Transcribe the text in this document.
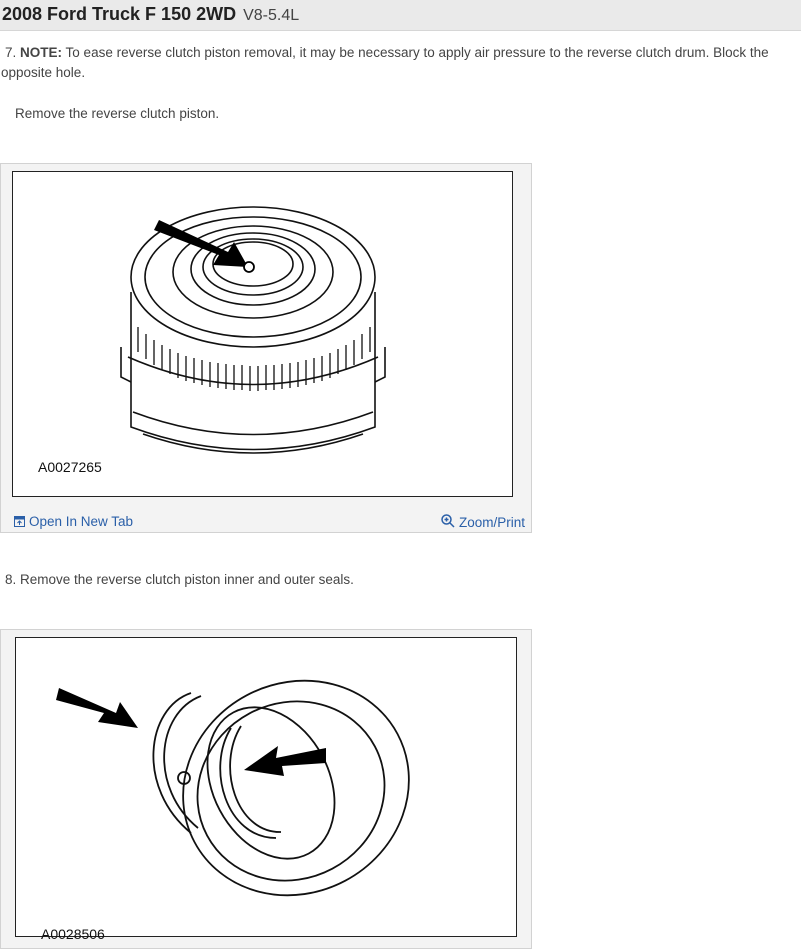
2008 Ford Truck F 150 2WD V8-5.4L
7. NOTE: To ease reverse clutch piston removal, it may be necessary to apply air pressure to the reverse clutch drum. Block the opposite hole.
Remove the reverse clutch piston.
A0027265
Open In New Tab	Zoom/Print
8. Remove the reverse clutch piston inner and outer seals.
A0028506
